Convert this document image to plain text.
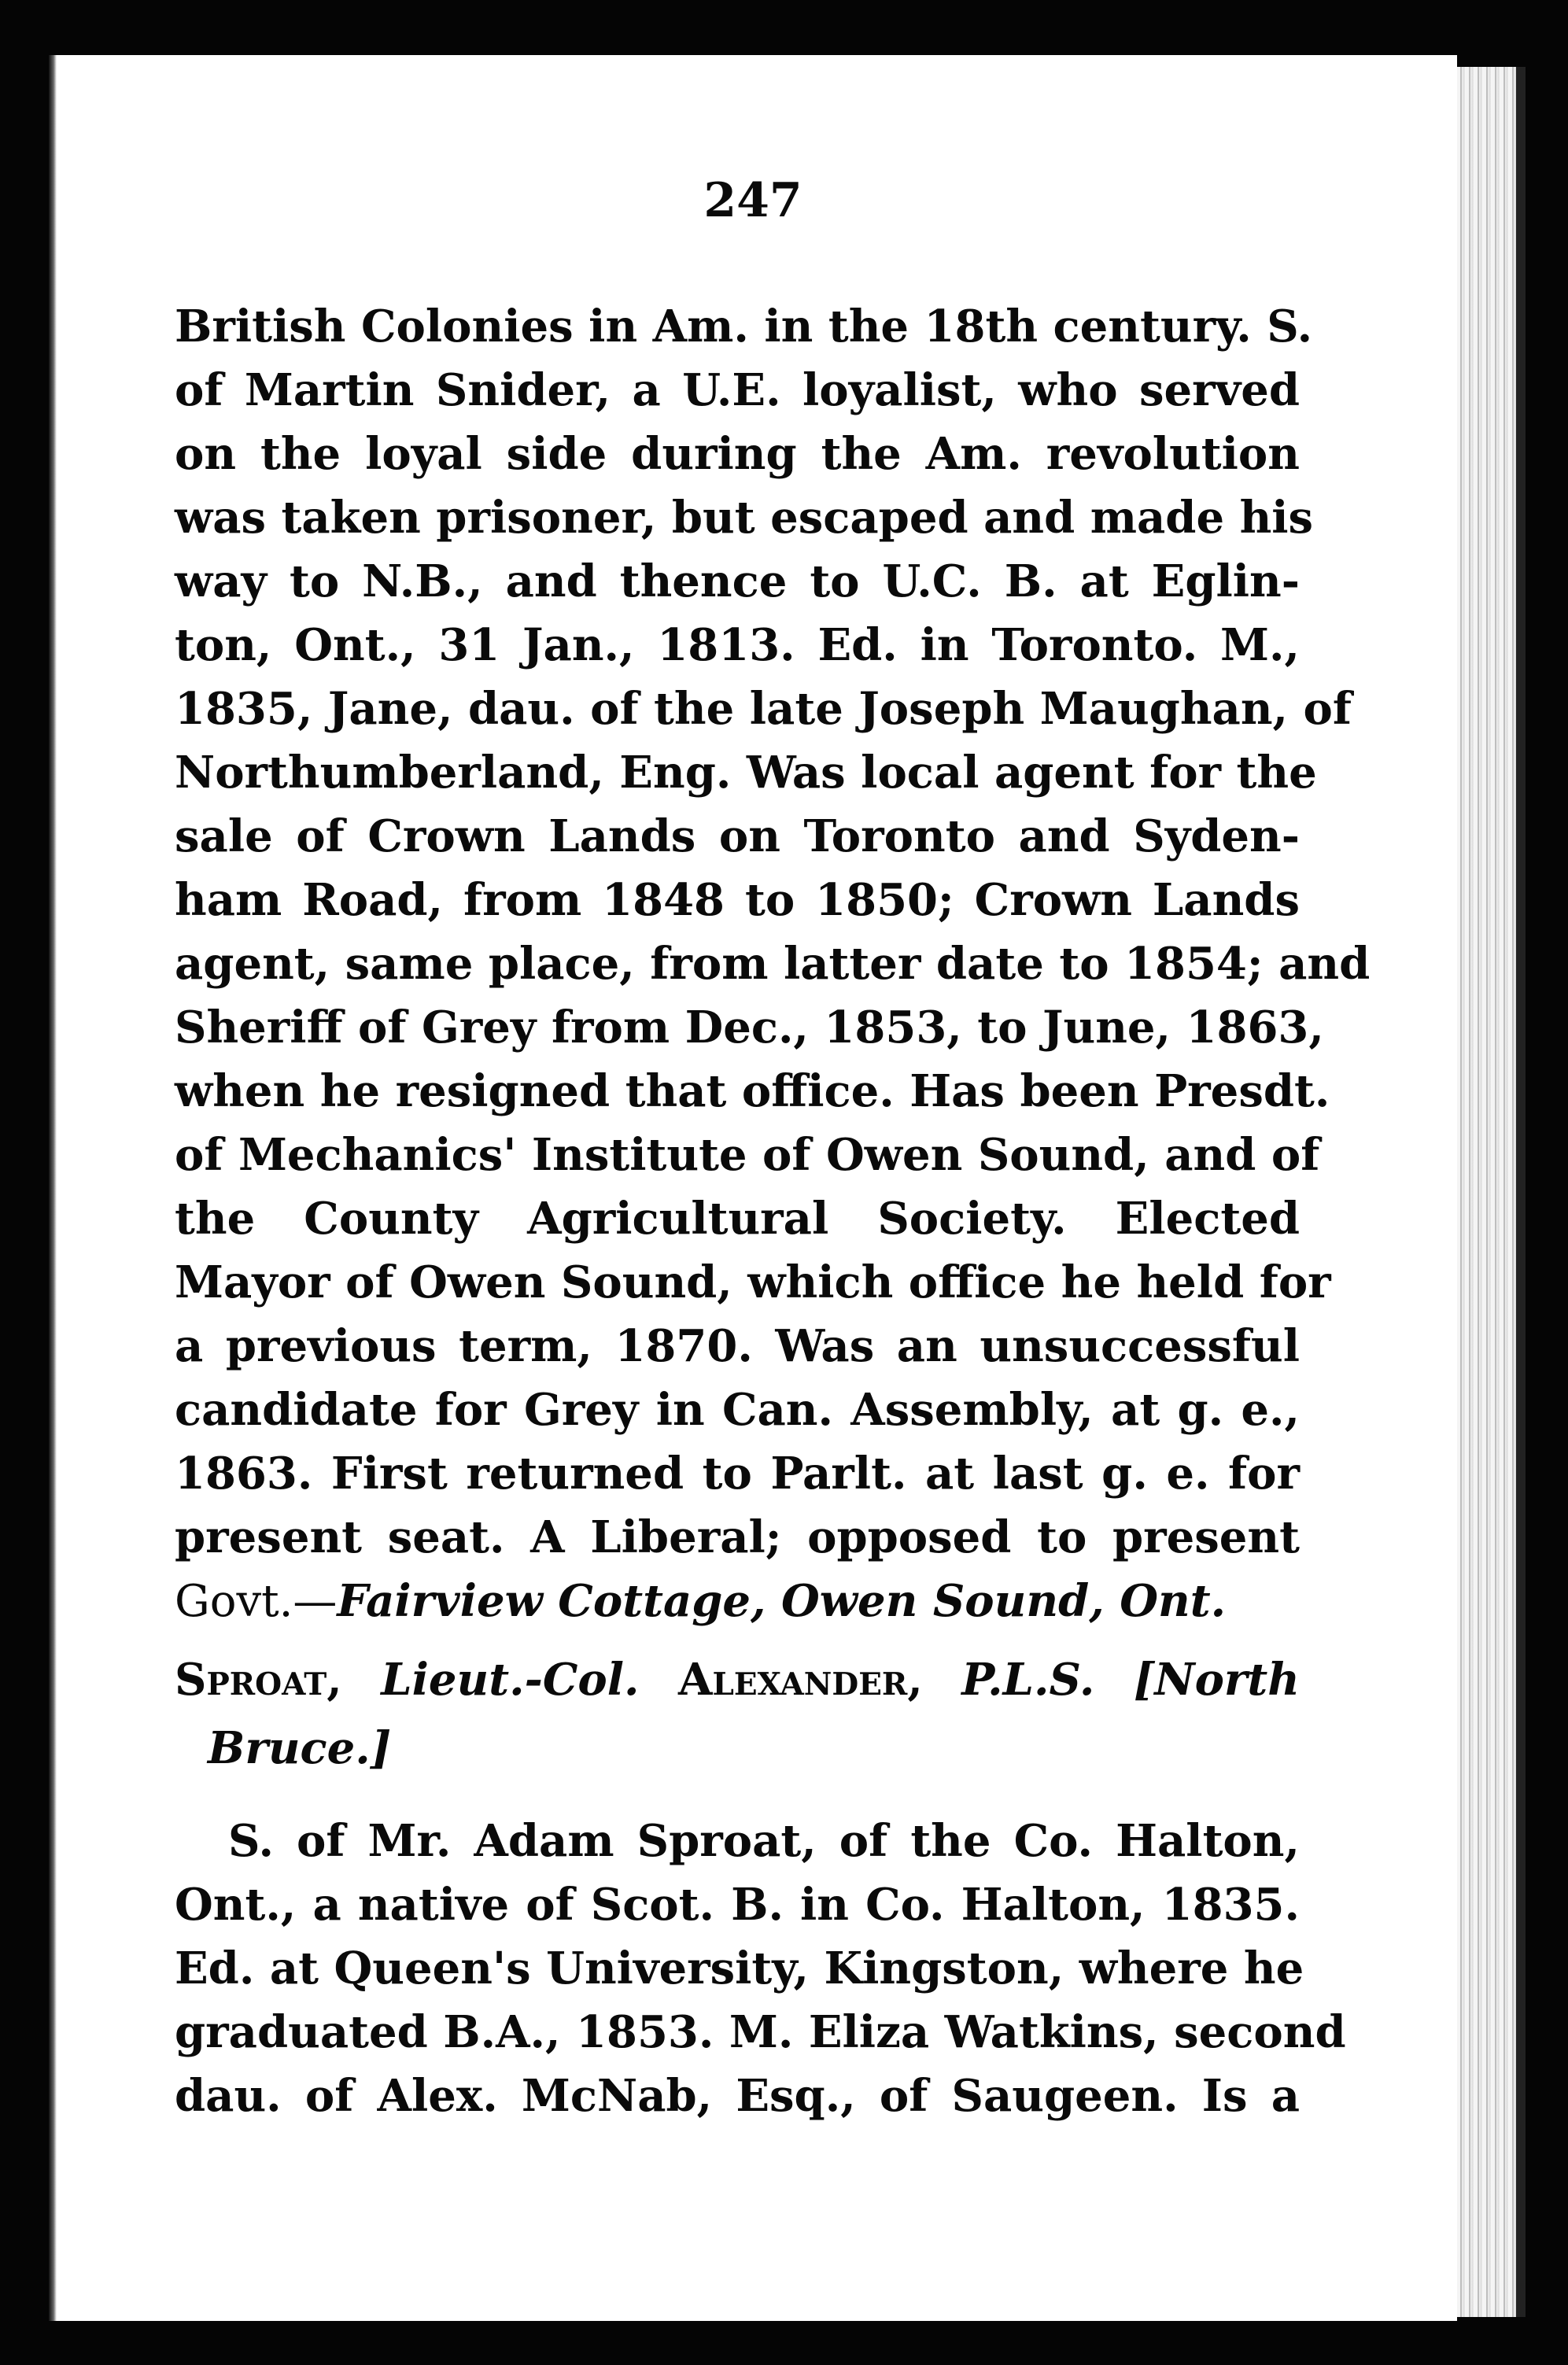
247
British Colonies in Am. in the 18th century. S.
of Martin Snider, a U.E. loyalist, who served
on the loyal side during the Am. revolution
was taken prisoner, but escaped and made his
way to N.B., and thence to U.C. B. at Eglin-
ton, Ont., 31 Jan., 1813. Ed. in Toronto. M.,
1835, Jane, dau. of the late Joseph Maughan, of
Northumberland, Eng. Was local agent for the
sale of Crown Lands on Toronto and Syden-
ham Road, from 1848 to 1850; Crown Lands
agent, same place, from latter date to 1854; and
Sheriff of Grey from Dec., 1853, to June, 1863,
when he resigned that office. Has been Presdt.
of Mechanics' Institute of Owen Sound, and of
the County Agricultural Society. Elected
Mayor of Owen Sound, which office he held for
a previous term, 1870. Was an unsuccessful
candidate for Grey in Can. Assembly, at g. e.,
1863. First returned to Parlt. at last g. e. for
present seat. A Liberal; opposed to present
Govt.—Fairview Cottage, Owen Sound, Ont.
Sproat, Lieut.-Col. Alexander, P.L.S. [North
Bruce.]
S. of Mr. Adam Sproat, of the Co. Halton,
Ont., a native of Scot. B. in Co. Halton, 1835.
Ed. at Queen's University, Kingston, where he
graduated B.A., 1853. M. Eliza Watkins, second
dau. of Alex. McNab, Esq., of Saugeen. Is a
